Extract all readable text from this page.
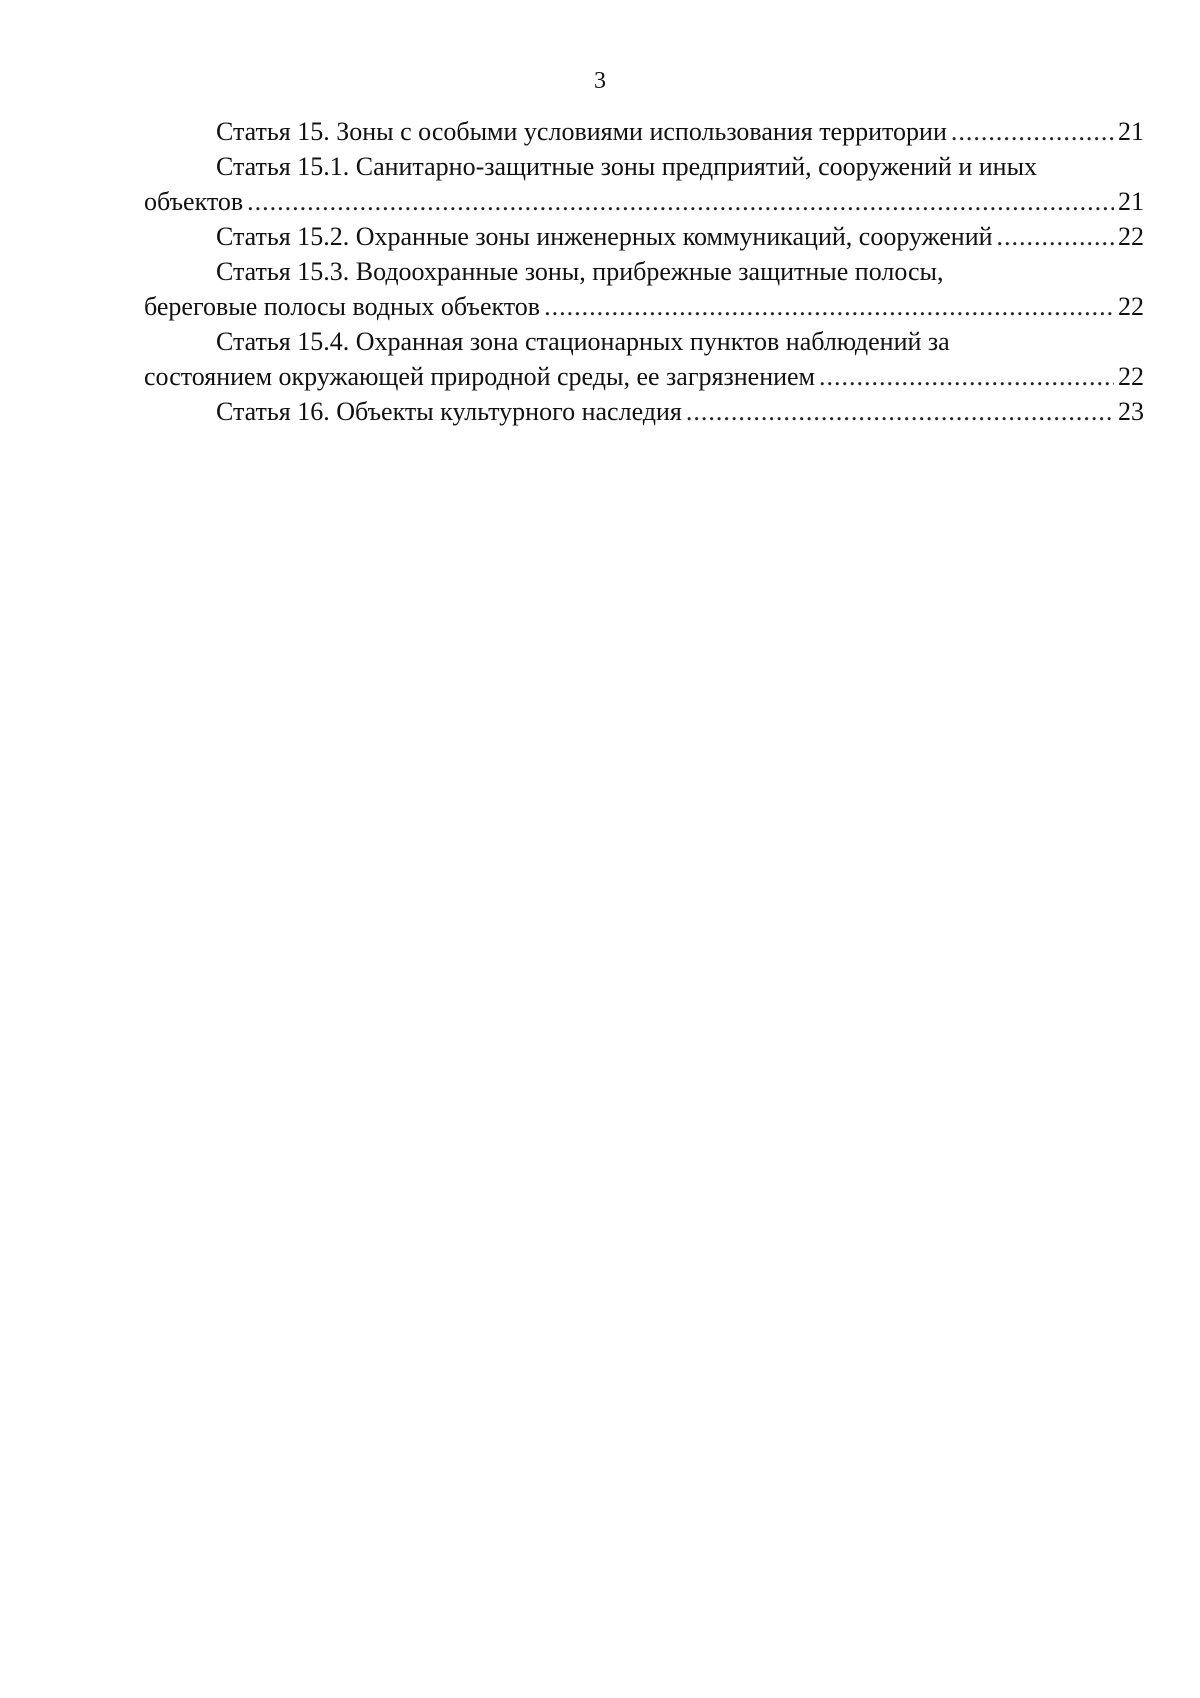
3
Статья 15. Зоны с особыми условиями использования территории .....	21
Статья 15.1. Санитарно-защитные зоны предприятий, сооружений и иных
объектов .....	21
Статья 15.2. Охранные зоны инженерных коммуникаций, сооружений .....	22
Статья 15.3. Водоохранные зоны, прибрежные защитные полосы,
береговые полосы водных объектов .....	22
Статья 15.4. Охранная зона стационарных пунктов наблюдений за
состоянием окружающей природной среды, ее загрязнением .....	22
Статья 16. Объекты культурного наследия .....	23
